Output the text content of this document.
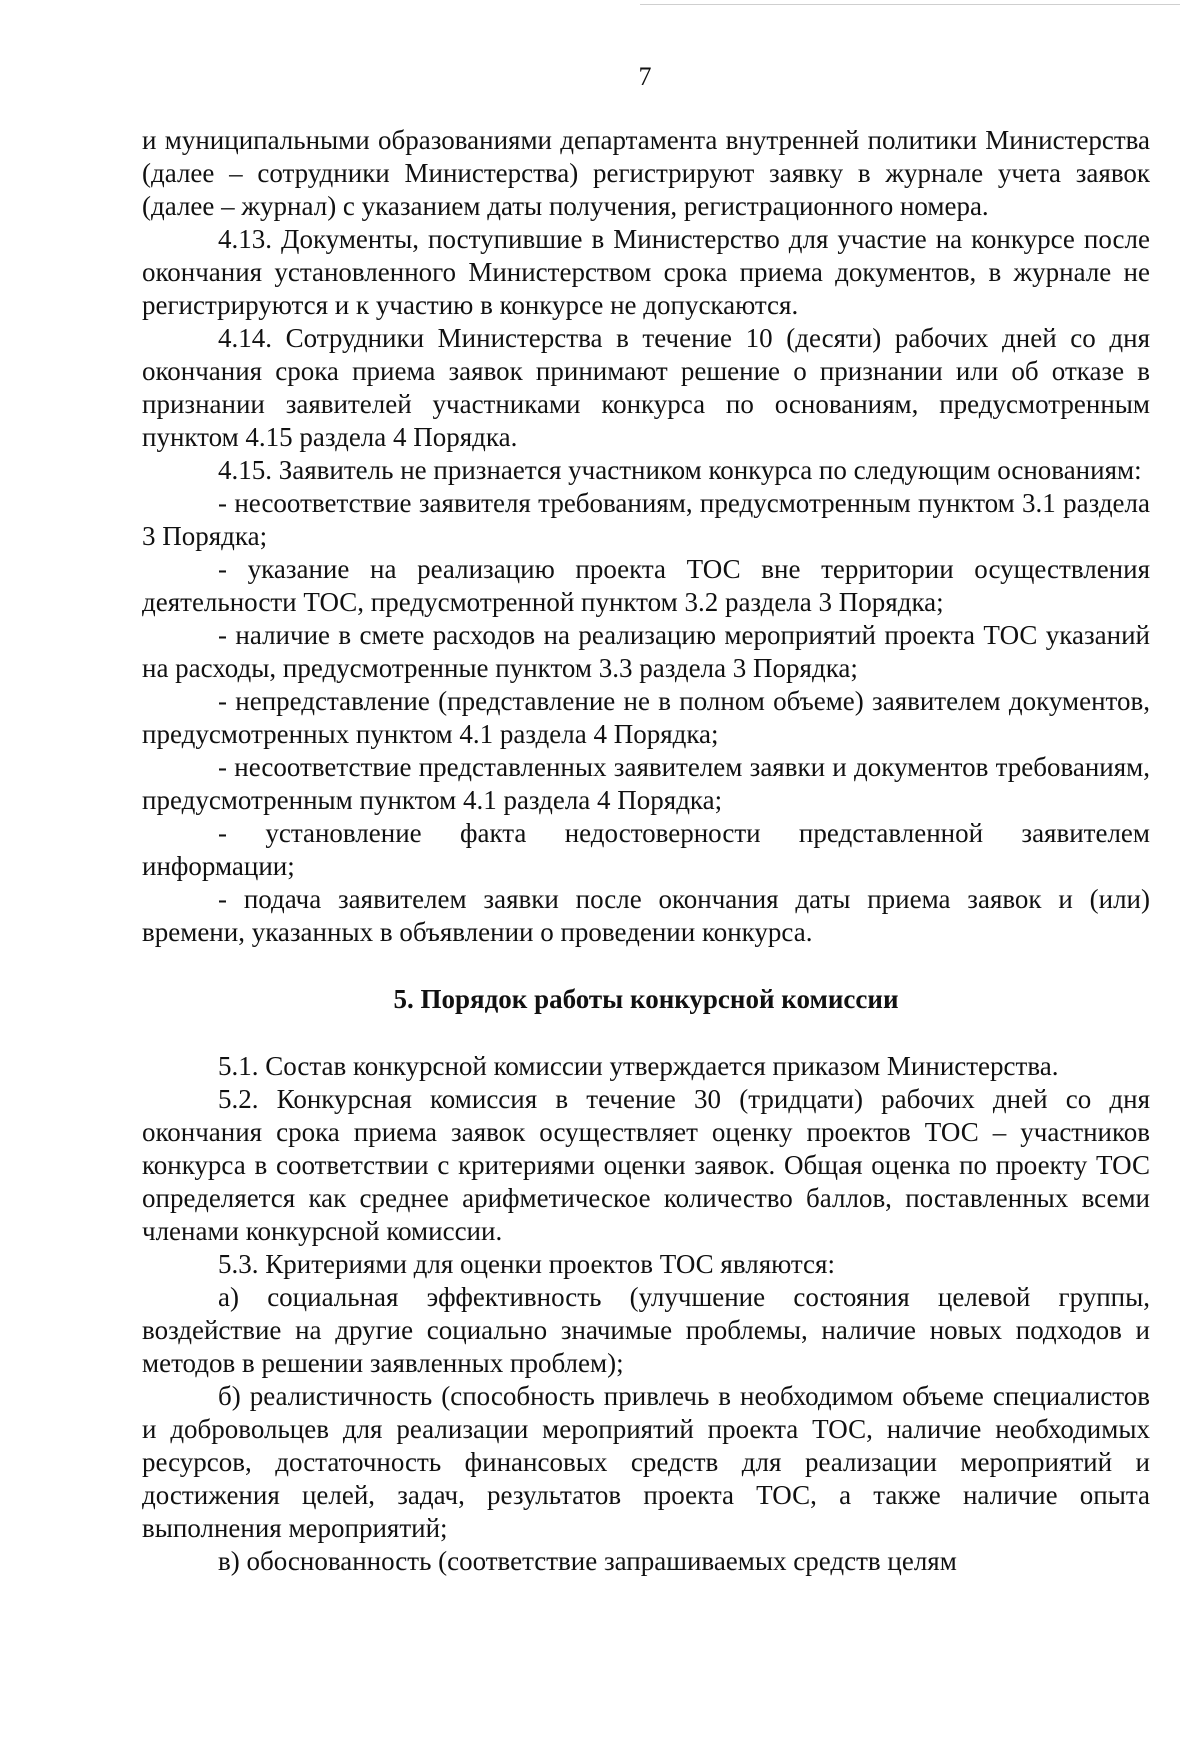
7

и муниципальными образованиями департамента внутренней политики Министерства (далее – сотрудники Министерства) регистрируют заявку в журнале учета заявок (далее – журнал) с указанием даты получения, регистрационного номера.

4.13. Документы, поступившие в Министерство для участие на конкурсе после окончания установленного Министерством срока приема документов, в журнале не регистрируются и к участию в конкурсе не допускаются.

4.14. Сотрудники Министерства в течение 10 (десяти) рабочих дней со дня окончания срока приема заявок принимают решение о признании или об отказе в признании заявителей участниками конкурса по основаниям, предусмотренным пунктом 4.15 раздела 4 Порядка.

4.15. Заявитель не признается участником конкурса по следующим основаниям:

- несоответствие заявителя требованиям, предусмотренным пунктом 3.1 раздела 3 Порядка;

- указание на реализацию проекта ТОС вне территории осуществления деятельности ТОС, предусмотренной пунктом 3.2 раздела 3 Порядка;

- наличие в смете расходов на реализацию мероприятий проекта ТОС указаний на расходы, предусмотренные пунктом 3.3 раздела 3 Порядка;

- непредставление (представление не в полном объеме) заявителем документов, предусмотренных пунктом 4.1 раздела 4 Порядка;

- несоответствие представленных заявителем заявки и документов требованиям, предусмотренным пунктом 4.1 раздела 4 Порядка;

- установление факта недостоверности представленной заявителем информации;

- подача заявителем заявки после окончания даты приема заявок и (или) времени, указанных в объявлении о проведении конкурса.

5. Порядок работы конкурсной комиссии

5.1. Состав конкурсной комиссии утверждается приказом Министерства.

5.2. Конкурсная комиссия в течение 30 (тридцати) рабочих дней со дня окончания срока приема заявок осуществляет оценку проектов ТОС – участников конкурса в соответствии с критериями оценки заявок. Общая оценка по проекту ТОС определяется как среднее арифметическое количество баллов, поставленных всеми членами конкурсной комиссии.

5.3. Критериями для оценки проектов ТОС являются:

а) социальная эффективность (улучшение состояния целевой группы, воздействие на другие социально значимые проблемы, наличие новых подходов и методов в решении заявленных проблем);

б) реалистичность (способность привлечь в необходимом объеме специалистов и добровольцев для реализации мероприятий проекта ТОС, наличие необходимых ресурсов, достаточность финансовых средств для реализации мероприятий и достижения целей, задач, результатов проекта ТОС, а также наличие опыта выполнения мероприятий;

в) обоснованность (соответствие запрашиваемых средств целям
